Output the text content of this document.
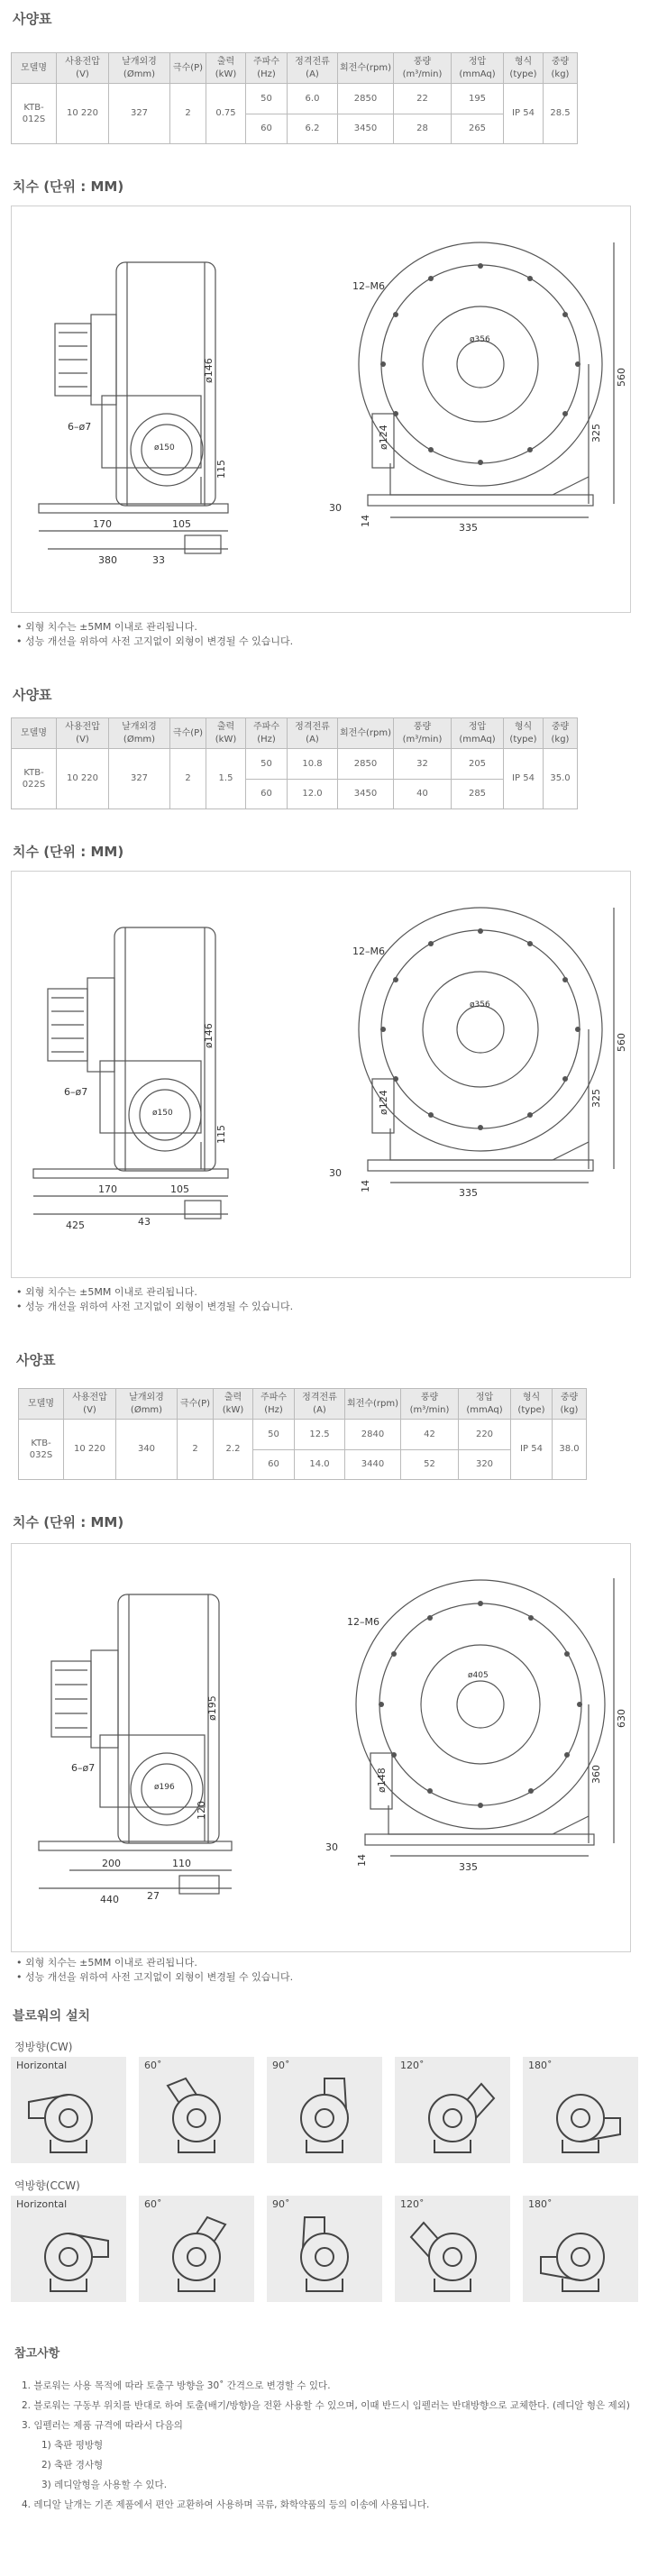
사양표
모델명	사용전압(V)	날개외경(Ømm)	극수(P)	출력(kW)	주파수(Hz)	정격전류(A)	회전수(rpm)	풍량(m³/min)	정압(mmAq)	형식(type)	중량(kg)
KTB-012S	10 220	327	2	0.75	50	6.0	2850	22	195	IP 54	28.5
					60	6.2	3450	28	265		
치수 (단위 : MM)
ø146
6–ø7
ø150
115
170	105
380	33
12–M6
ø356
560
325
ø124
335
30
14
• 외형 치수는 ±5MM 이내로 관리됩니다.
• 성능 개선을 위하여 사전 고지없이 외형이 변경될 수 있습니다.
사양표
모델명	사용전압(V)	날개외경(Ømm)	극수(P)	출력(kW)	주파수(Hz)	정격전류(A)	회전수(rpm)	풍량(m³/min)	정압(mmAq)	형식(type)	중량(kg)
KTB-022S	10 220	327	2	1.5	50	10.8	2850	32	205	IP 54	35.0
					60	12.0	3450	40	285		
치수 (단위 : MM)
ø146
6–ø7
ø150
115
170	105
425	43
12–M6
ø356
560
325
ø124
335
30
14
• 외형 치수는 ±5MM 이내로 관리됩니다.
• 성능 개선을 위하여 사전 고지없이 외형이 변경될 수 있습니다.
사양표
모델명	사용전압(V)	날개외경(Ømm)	극수(P)	출력(kW)	주파수(Hz)	정격전류(A)	회전수(rpm)	풍량(m³/min)	정압(mmAq)	형식(type)	중량(kg)
KTB-032S	10 220	340	2	2.2	50	12.5	2840	42	220	IP 54	38.0
					60	14.0	3440	52	320		
치수 (단위 : MM)
ø195
6–ø7
ø196
120
200	110
440	27
12–M6
ø405
630
360
ø148
335
30
14
• 외형 치수는 ±5MM 이내로 관리됩니다.
• 성능 개선을 위하여 사전 고지없이 외형이 변경될 수 있습니다.
블로워의 설치
정방향(CW)
Horizontal	60˚	90˚	120˚	180˚
역방향(CCW)
Horizontal	60˚	90˚	120˚	180˚
참고사항
1. 블로워는 사용 목적에 따라 토출구 방향을 30˚ 간격으로 변경할 수 있다.
2. 블로워는 구동부 위치를 반대로 하여 토출(배기/방향)을 전환 사용할 수 있으며, 이때 반드시 임펠러는 반대방향으로 교체한다. (레디알 형은 제외)
3. 임펠러는 제품 규격에 따라서 다음의
1) 축판 평방형
2) 축판 경사형
3) 레디알형을 사용할 수 있다.
4. 레디알 날개는 기존 제품에서 편안 교환하여 사용하며 곡류, 화학약품의 등의 이송에 사용됩니다.
